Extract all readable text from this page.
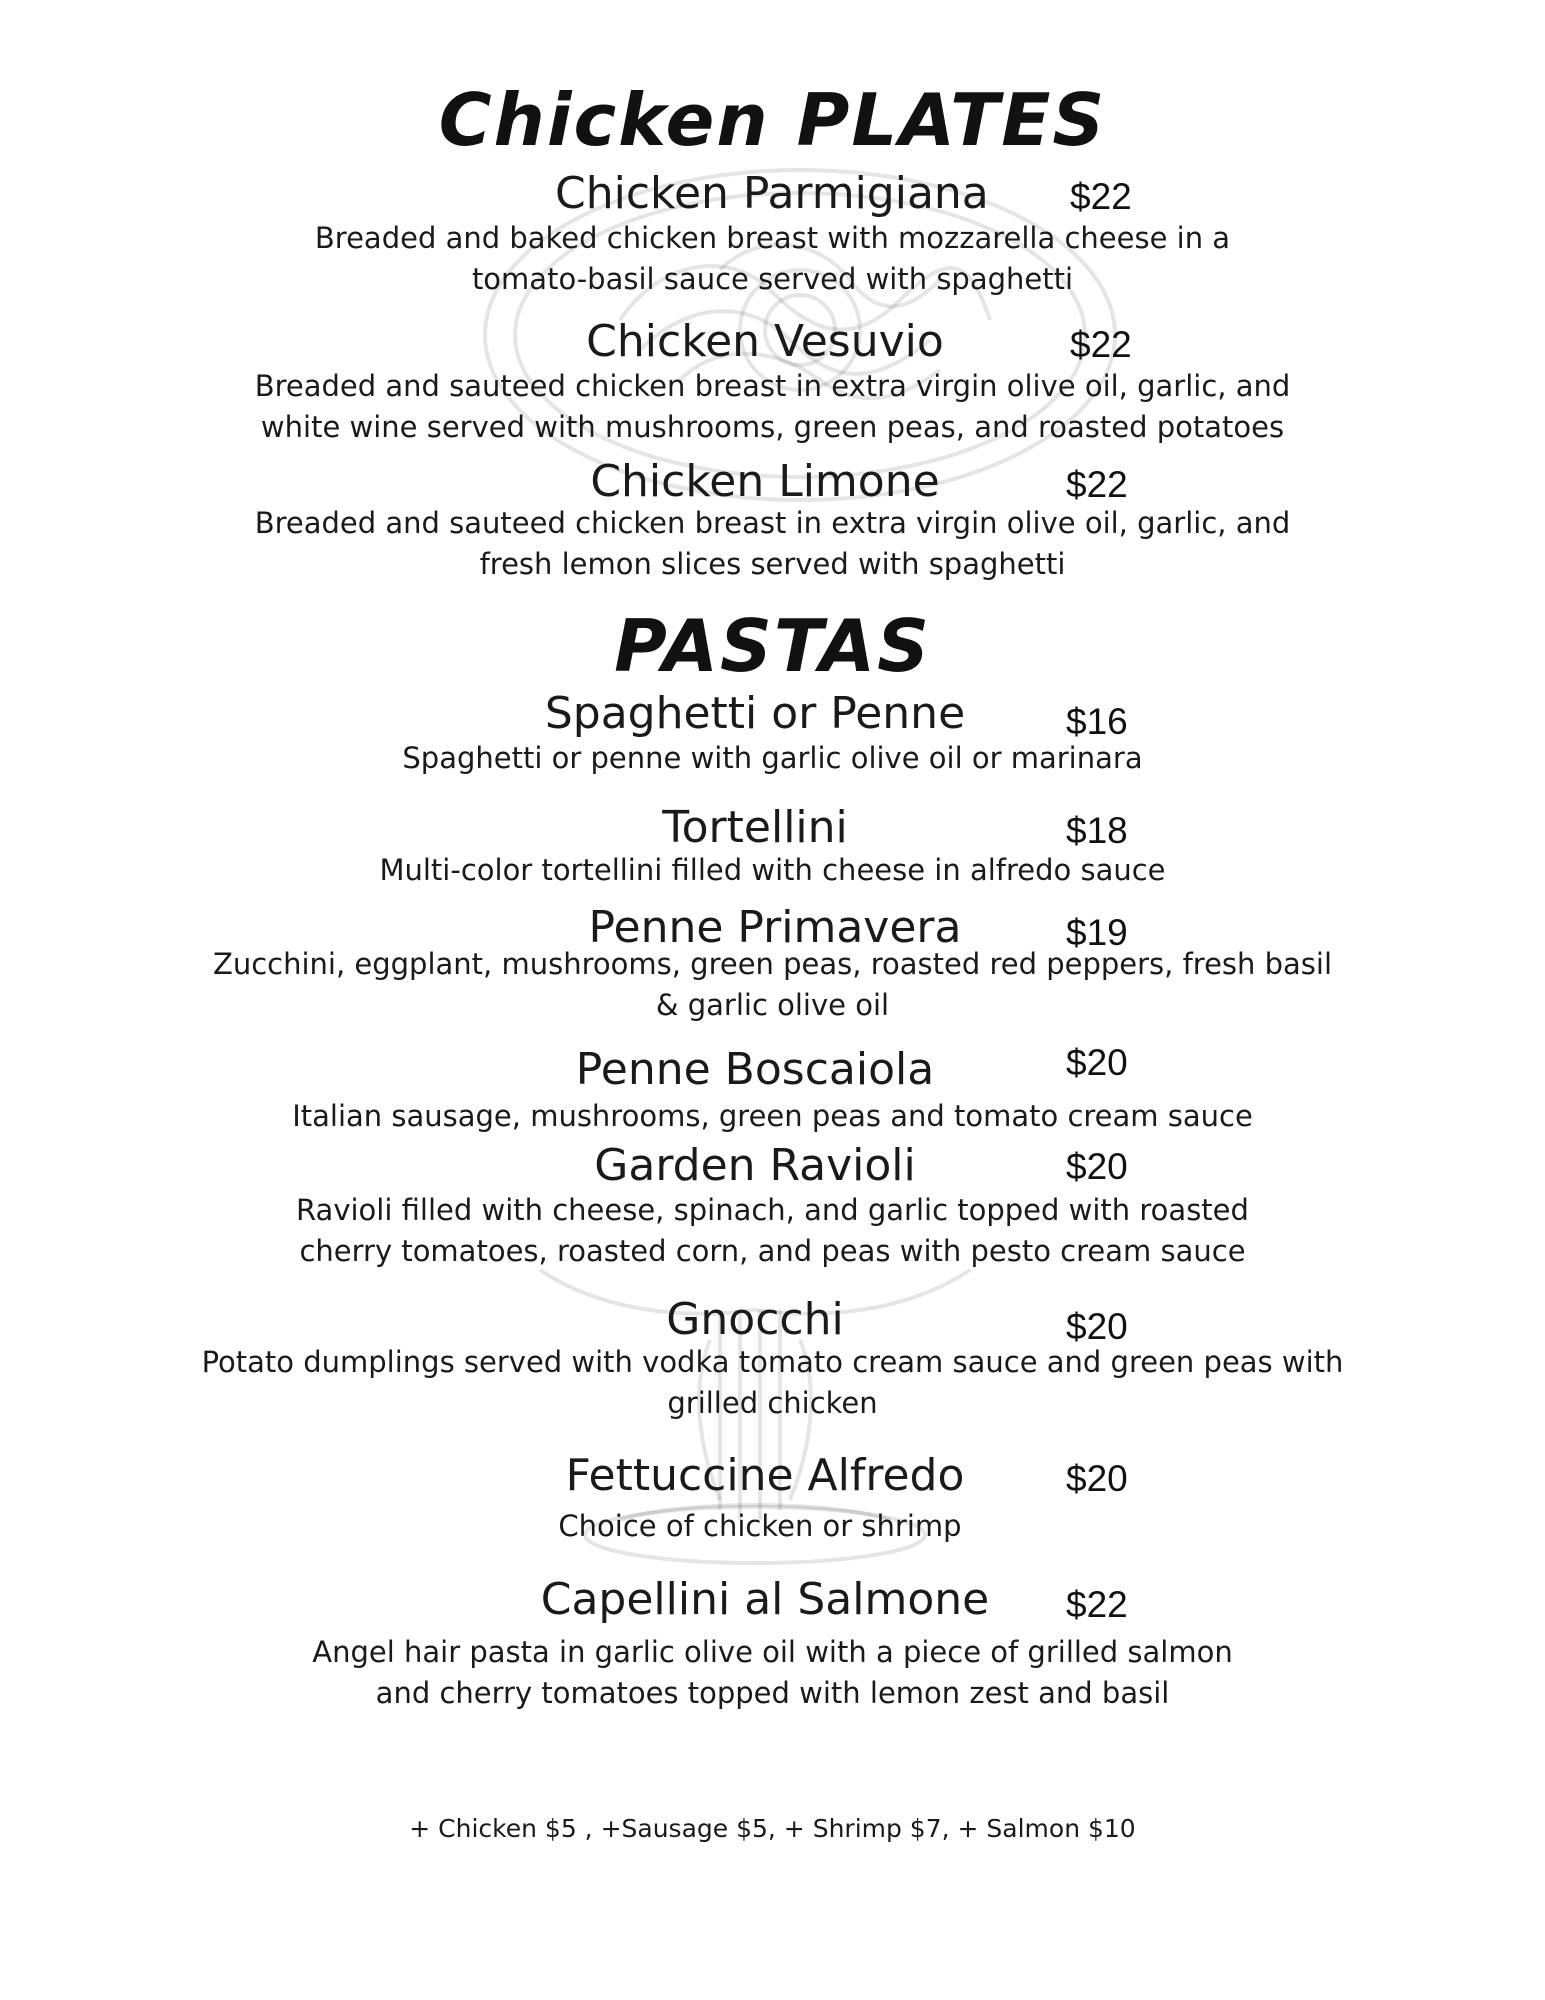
Chicken PLATES
Chicken Parmigiana $22
Breaded and baked chicken breast with mozzarella cheese in a
tomato-basil sauce served with spaghetti
Chicken Vesuvio	$22
Breaded and sauteed chicken breast in extra virgin olive oil, garlic, and
white wine served with mushrooms, green peas, and roasted potatoes
Chicken Limone	$22
Breaded and sauteed chicken breast in extra virgin olive oil, garlic, and
fresh lemon slices served with spaghetti
PASTAS
Spaghetti or Penne	$16
Spaghetti or penne with garlic olive oil or marinara
Tortellini	$18
Multi-color tortellini filled with cheese in alfredo sauce
Penne Primavera	$19
Zucchini, eggplant, mushrooms, green peas, roasted red peppers, fresh basil
& garlic olive oil
Penne Boscaiola	$20
Italian sausage, mushrooms, green peas and tomato cream sauce
Garden Ravioli	$20
Ravioli filled with cheese, spinach, and garlic topped with roasted
cherry tomatoes, roasted corn, and peas with pesto cream sauce
Gnocchi	$20
Potato dumplings served with vodka tomato cream sauce and green peas with
grilled chicken
Fettuccine Alfredo	$20
Choice of chicken or shrimp
Capellini al Salmone $22
Angel hair pasta in garlic olive oil with a piece of grilled salmon
and cherry tomatoes topped with lemon zest and basil
+ Chicken $5 , +Sausage $5, + Shrimp $7, + Salmon $10
